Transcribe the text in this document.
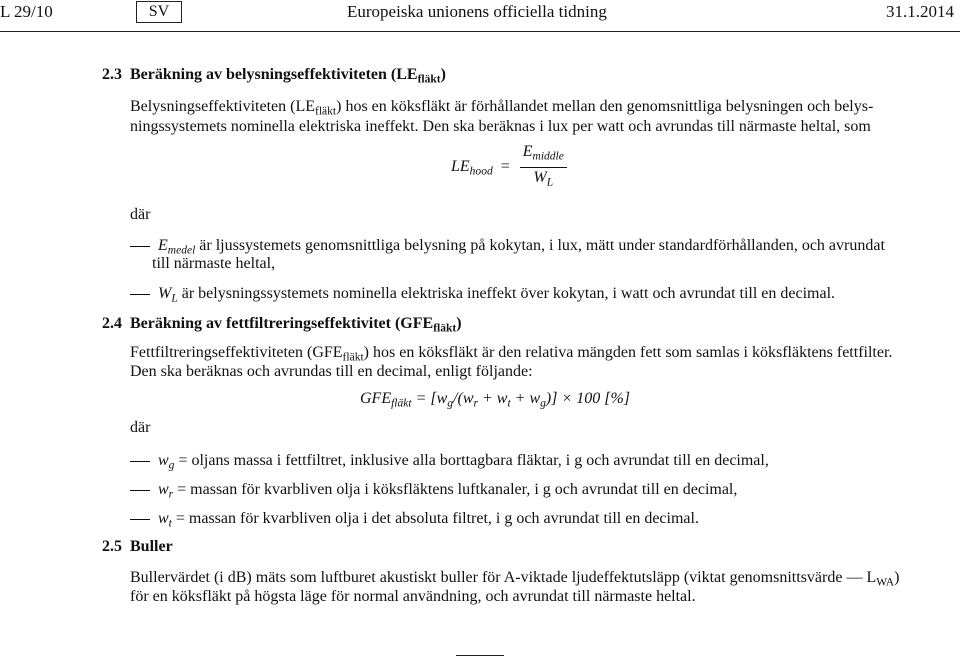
L 29/10	SV	Europeiska unionens officiella tidning	31.1.2014
2.3 Beräkning av belysningseffektiviteten $(LE_{fläkt})$
Belysningseffektiviteten $(LE_{fläkt})$ hos en köksfläkt är förhållandet mellan den genomsnittliga belysningen och belys-
ningssystemets nominella elektriska ineffekt. Den ska beräknas i lux per watt och avrundas till närmaste heltal, som
$LE_{hood} = \frac{E_{middle}}{W_L}$
där
$E_{medel}$ är ljussystemets genomsnittliga belysning på kokytan, i lux, mätt under standardförhållanden, och avrundat
till närmaste heltal,
$W_L$ är belysningssystemets nominella elektriska ineffekt över kokytan, i watt och avrundat till en decimal.
2.4 Beräkning av fettfiltreringseffektivitet $(GFE_{fläkt})$
Fettfiltreringseffektiviteten $(GFE_{fläkt})$ hos en köksfläkt är den relativa mängden fett som samlas i köksfläktens fettfilter.
Den ska beräknas och avrundas till en decimal, enligt följande:
$GFE_{fläkt} = [w_g/(w_r + w_t + w_g)] \times 100$ [%]
där
$w_g$ = oljans massa i fettfiltret, inklusive alla borttagbara fläktar, i g och avrundat till en decimal,
$w_r$ = massan för kvarbliven olja i köksfläktens luftkanaler, i g och avrundat till en decimal,
$w_t$ = massan för kvarbliven olja i det absoluta filtret, i g och avrundat till en decimal.
2.5 Buller
Bullervärdet (i dB) mäts som luftburet akustiskt buller för A-viktade ljudeffektutsläpp (viktat genomsnittsvärde — $L_{WA}$)
för en köksfläkt på högsta läge för normal användning, och avrundat till närmaste heltal.
